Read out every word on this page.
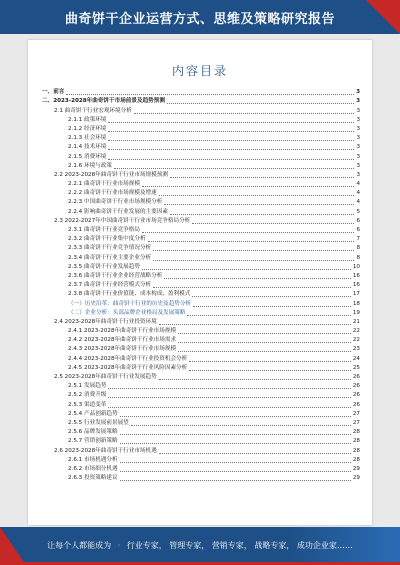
曲奇饼干企业运营方式、思维及策略研究报告
内容目录
一、前言	3
二、2023-2028年曲奇饼干市场前景及趋势预测	3
2.1 曲奇饼干行业宏观环境分析	3
2.1.1 政策环境	3
2.1.2 经济环境	3
2.1.3 社会环境	3
2.1.4 技术环境	3
2.1.5 消费环境	3
2.1.6 环境与政策	3
2.2 2023-2028年曲奇饼干行业市场规模预测	3
2.2.1 曲奇饼干行业市场规模	4
2.2.2 曲奇饼干行业市场规模及增速	4
2.2.3 中国曲奇饼干行业市场规模分析	4
2.2.4 影响曲奇饼干行业发展的主要因素	5
2.3 2022-2027年中国曲奇饼干行业市场竞争格局分析	6
2.3.1 曲奇饼干行业竞争格局	6
2.3.2 曲奇饼干行业集中度分析	7
2.3.3 曲奇饼干行业竞争情况分析	8
2.3.4 曲奇饼干行业主要企业分析	8
2.3.5 曲奇饼干行业发展趋势	10
2.3.6 曲奇饼干行业企业经营战略分析	16
2.3.7 曲奇饼干行业经营模式分析	16
2.3.8 曲奇饼干行业价值链、成本构成、盈利模式	17
（一）历史沿革：曲奇饼干行业的历史及趋势分析	18
（二）企业分析：头部品牌企业格局及发展策略	19
2.4 2023-2028年曲奇饼干行业投资环境	21
2.4.1 2023-2028年曲奇饼干行业市场规模	22
2.4.2 2023-2028年曲奇饼干行业市场需求	22
2.4.3 2023-2028年曲奇饼干行业市场规模	23
2.4.4 2023-2028年曲奇饼干行业投资机会分析	24
2.4.5 2023-2028年曲奇饼干行业风险因素分析	25
2.5 2023-2028年曲奇饼干行业发展趋势	26
2.5.1 发展趋势	26
2.5.2 消费升级	26
2.5.3 渠道变革	26
2.5.4 产品创新趋势	27
2.5.5 行业发展前景展望	27
2.5.6 品牌发展策略	28
2.5.7 营销创新策略	28
2.6 2023-2028年曲奇饼干行业市场机遇	28
2.6.1 市场机遇分析	28
2.6.2 市场细分机遇	29
2.6.3 投资策略建议	29
让每个人都能成为 · 行业专家， 管理专家， 营销专家， 战略专家， 成功企业家……
